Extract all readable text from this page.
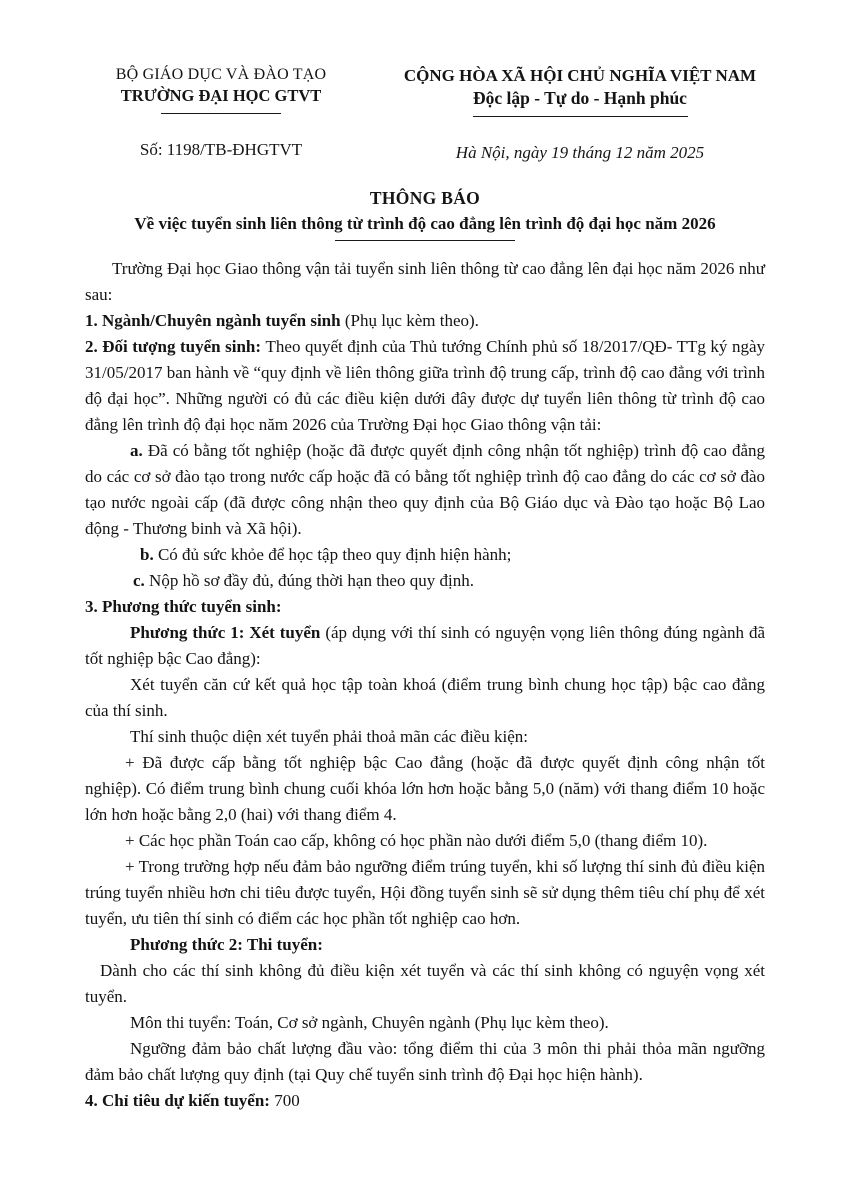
BỘ GIÁO DỤC VÀ ĐÀO TẠO
TRƯỜNG ĐẠI HỌC GTVT
Số: 1198/TB-ĐHGTVT
CỘNG HÒA XÃ HỘI CHỦ NGHĨA VIỆT NAM
Độc lập - Tự do - Hạnh phúc
Hà Nội, ngày 19 tháng 12 năm 2025
THÔNG BÁO
Về việc tuyển sinh liên thông từ trình độ cao đẳng lên trình độ đại học năm 2026

Trường Đại học Giao thông vận tải tuyển sinh liên thông từ cao đẳng lên đại học năm 2026 như sau:

1. Ngành/Chuyên ngành tuyển sinh (Phụ lục kèm theo).

2. Đối tượng tuyển sinh: Theo quyết định của Thủ tướng Chính phủ số 18/2017/QĐ- TTg ký ngày 31/05/2017 ban hành về “quy định về liên thông giữa trình độ trung cấp, trình độ cao đẳng với trình độ đại học”. Những người có đủ các điều kiện dưới đây được dự tuyển liên thông từ trình độ cao đẳng lên trình độ đại học năm 2026 của Trường Đại học Giao thông vận tải:

a. Đã có bằng tốt nghiệp (hoặc đã được quyết định công nhận tốt nghiệp) trình độ cao đẳng do các cơ sở đào tạo trong nước cấp hoặc đã có bằng tốt nghiệp trình độ cao đẳng do các cơ sở đào tạo nước ngoài cấp (đã được công nhận theo quy định của Bộ Giáo dục và Đào tạo hoặc Bộ Lao động - Thương binh và Xã hội).

b. Có đủ sức khỏe để học tập theo quy định hiện hành;

c. Nộp hồ sơ đầy đủ, đúng thời hạn theo quy định.

3. Phương thức tuyển sinh:

Phương thức 1: Xét tuyển (áp dụng với thí sinh có nguyện vọng liên thông đúng ngành đã tốt nghiệp bậc Cao đẳng):

Xét tuyển căn cứ kết quả học tập toàn khoá (điểm trung bình chung học tập) bậc cao đẳng của thí sinh.

Thí sinh thuộc diện xét tuyển phải thoả mãn các điều kiện:

+ Đã được cấp bằng tốt nghiệp bậc Cao đẳng (hoặc đã được quyết định công nhận tốt nghiệp). Có điểm trung bình chung cuối khóa lớn hơn hoặc bằng 5,0 (năm) với thang điểm 10 hoặc lớn hơn hoặc bằng 2,0 (hai) với thang điểm 4.

+ Các học phần Toán cao cấp, không có học phần nào dưới điểm 5,0 (thang điểm 10).

+ Trong trường hợp nếu đảm bảo ngưỡng điểm trúng tuyển, khi số lượng thí sinh đủ điều kiện trúng tuyển nhiều hơn chi tiêu được tuyển, Hội đồng tuyển sinh sẽ sử dụng thêm tiêu chí phụ để xét tuyển, ưu tiên thí sinh có điểm các học phần tốt nghiệp cao hơn.

Phương thức 2: Thi tuyển:

Dành cho các thí sinh không đủ điều kiện xét tuyển và các thí sinh không có nguyện vọng xét tuyển.

Môn thi tuyển: Toán, Cơ sở ngành, Chuyên ngành (Phụ lục kèm theo).

Ngưỡng đảm bảo chất lượng đầu vào: tổng điểm thi của 3 môn thi phải thỏa mãn ngưỡng đảm bảo chất lượng quy định (tại Quy chế tuyển sinh trình độ Đại học hiện hành).

4. Chỉ tiêu dự kiến tuyển: 700
